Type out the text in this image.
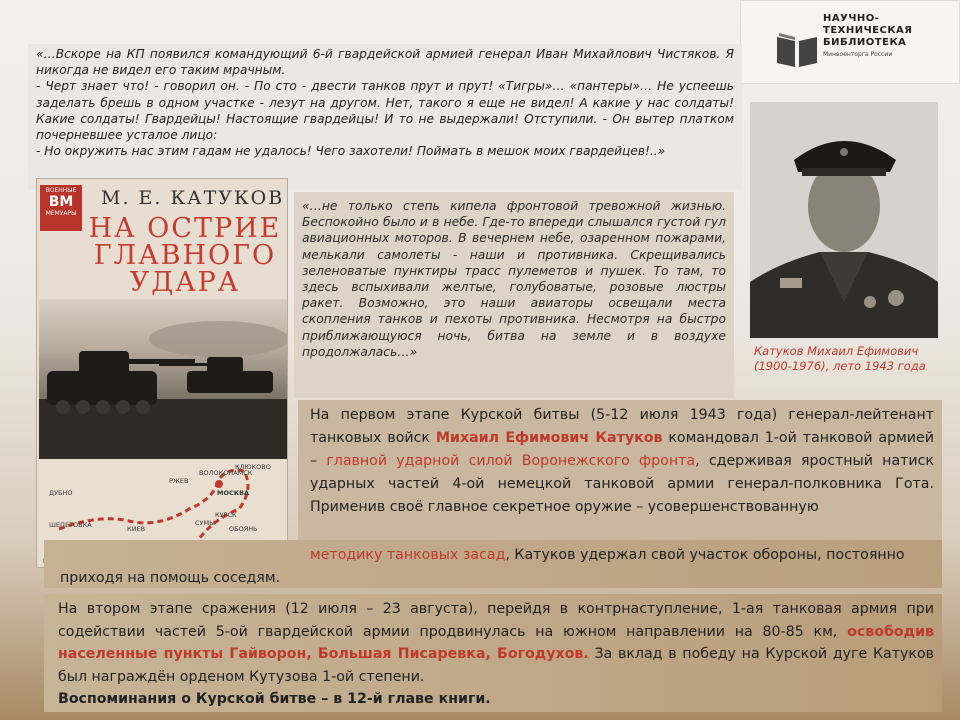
НАУЧНО-
ТЕХНИЧЕСКАЯ
БИБЛИОТЕКА
Минвоенторга России

«…Вскоре на КП появился командующий 6-й гвардейской армией генерал Иван Михайлович Чистяков. Я никогда не видел его таким мрачным.

- Черт знает что! - говорил он. - По сто - двести танков прут и прут! «Тигры»… «пантеры»… Не успеешь заделать брешь в одном участке - лезут на другом. Нет, такого я еще не видел! А какие у нас солдаты! Какие солдаты! Гвардейцы! Настоящие гвардейцы! И то не выдержали! Отступили. - Он вытер платком почерневшее усталое лицо:

- Но окружить нас этим гадам не удалось! Чего захотели! Поймать в мешок моих гвардейцев!..»

ВОЕННЫЕ
ВМ
МЕМУАРЫ
М. Е. КАТУКОВ
НА ОСТРИЕ
ГЛАВНОГО
УДАРА
КЛЮКОВО
РЖЕВ
ВОЛОКОЛАМСК
МОСКВА
ДУБНО
ШЕПЕТОВКА	КИЕВ
СУМЫ
КУРСК
ОБОЯНЬ
«…не только степь кипела фронтовой тревожной жизнью. Беспокойно было и в небе. Где-то впереди слышался густой гул авиационных моторов. В вечернем небе, озаренном пожарами, мелькали самолеты - наши и противника. Скрещивались зеленоватые пунктиры трасс пулеметов и пушек. То там, то здесь вспыхивали желтые, голубоватые, розовые люстры ракет. Возможно, это наши авиаторы освещали места скопления танков и пехоты противника. Несмотря на быстро приближающуюся ночь, битва на земле и в воздухе продолжалась…»	Катуков Михаил Ефимович (1900-1976), лето 1943 года
На первом этапе Курской битвы (5-12 июля 1943 года) генерал-лейтенант танковых войск Михаил Ефимович Катуков командовал 1-ой танковой армией – главной ударной силой Воронежского фронта, сдерживая яростный натиск ударных частей 4-ой немецкой танковой армии генерал-полковника Гота. Применив своё главное секретное оружие – усовершенствованную
методику танковых засад, Катуков удержал свой участок обороны, постоянно приходя на помощь соседям.
На втором этапе сражения (12 июля – 23 августа), перейдя в контрнаступление, 1-ая танковая армия при содействии частей 5-ой гвардейской армии продвинулась на южном направлении на 80-85 км, освободив населенные пункты Гайворон, Большая Писаревка, Богодухов. За вклад в победу на Курской дуге Катуков был награждён орденом Кутузова 1-ой степени.
Воспоминания о Курской битве – в 12-й главе книги.
